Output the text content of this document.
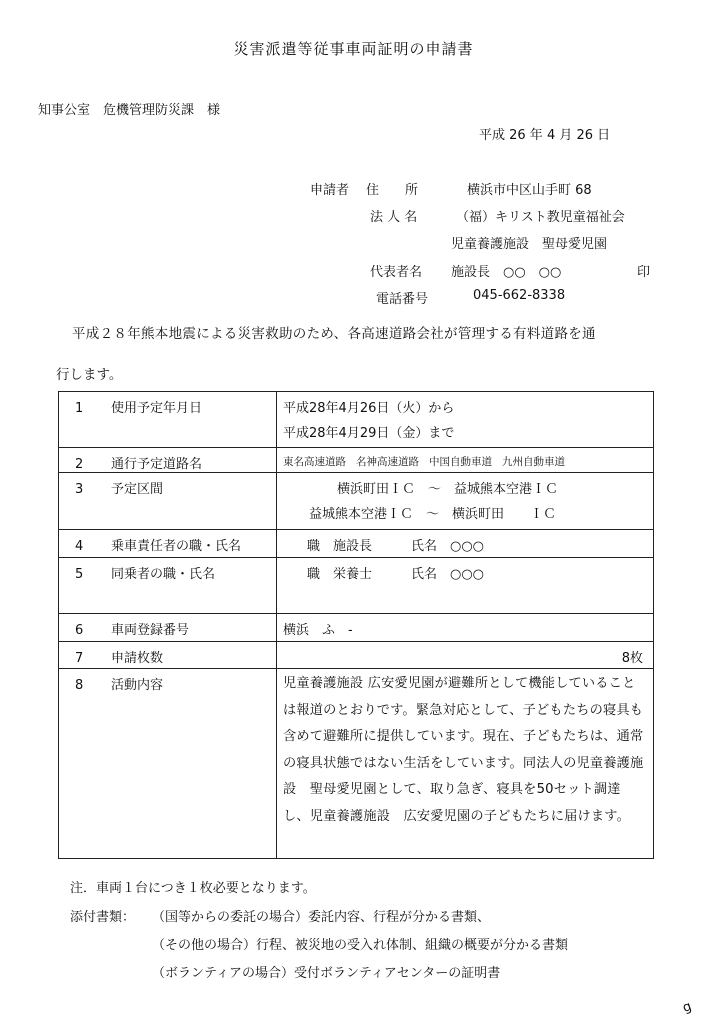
災害派遣等従事車両証明の申請書
知事公室　危機管理防災課　様
平成 26 年 4 月 26 日
申請者 住　　所	横浜市中区山手町 68
法 人 名	（福）キリスト教児童福祉会
児童養護施設　聖母愛児園
代表者名 施設長　○○　○○	印
電話番号	045-662-8338
平成２８年熊本地震による災害救助のため、各高速道路会社が管理する有料道路を通
行します。
1 使用予定年月日	平成28年4月26日（火）から
平成28年4月29日（金）まで

2 通行予定道路名	東名高速道路 名神高速道路 中国自動車道 九州自動車道

3 予定区間	横浜町田ＩＣ　～　益城熊本空港ＩＣ
益城熊本空港ＩＣ　～　横浜町田　　ＩＣ

4 乗車責任者の職・氏名	職　施設長　　　氏名　○○○

5 同乗者の職・氏名	職　栄養士　　　氏名　○○○

6 車両登録番号	横浜　ふ　-

7 申請枚数	8枚

8 活動内容	児童養護施設 広安愛児園が避難所として機能していることは報道のとおりです。緊急対応として、子どもたちの寝具も含めて避難所に提供しています。現在、子どもたちは、通常の寝具状態ではない生活をしています。同法人の児童養護施設　聖母愛児園として、取り急ぎ、寝具を50セット調達し、児童養護施設　広安愛児園の子どもたちに届けます。
注．車両１台につき１枚必要となります。
添付書類： （国等からの委託の場合）委託内容、行程が分かる書類、
（その他の場合）行程、被災地の受入れ体制、組織の概要が分かる書類
（ボランティアの場合）受付ボランティアセンターの証明書
g
